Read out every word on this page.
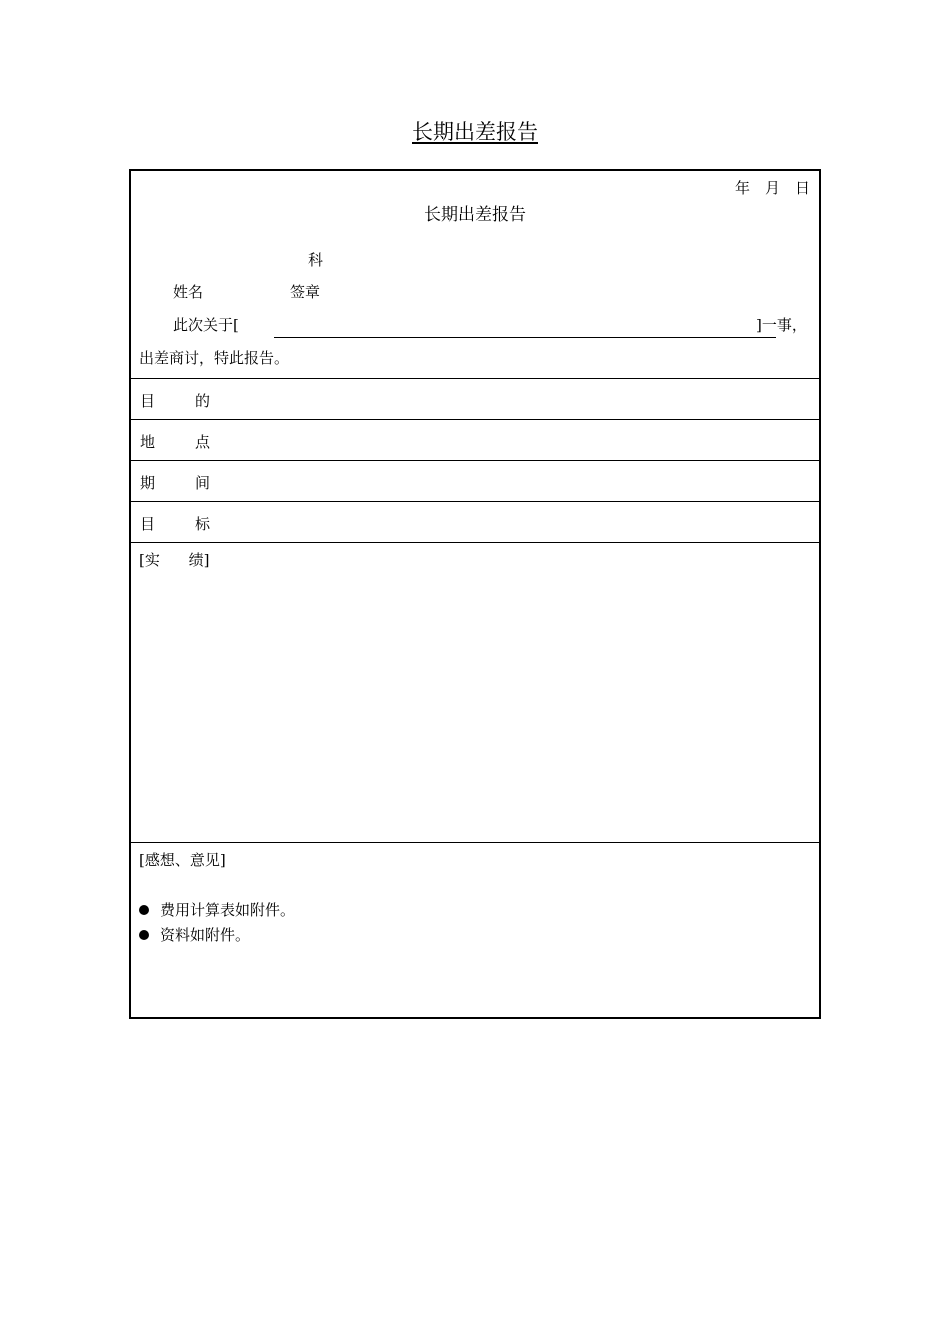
长期出差报告
年　月　日
长期出差报告
科
姓名	签章
此次关于[	]一事，
出差商讨，特此报告。
目	的
地	点
期	间
目	标
[实 绩]
[感想、意见]
费用计算表如附件。
资料如附件。
